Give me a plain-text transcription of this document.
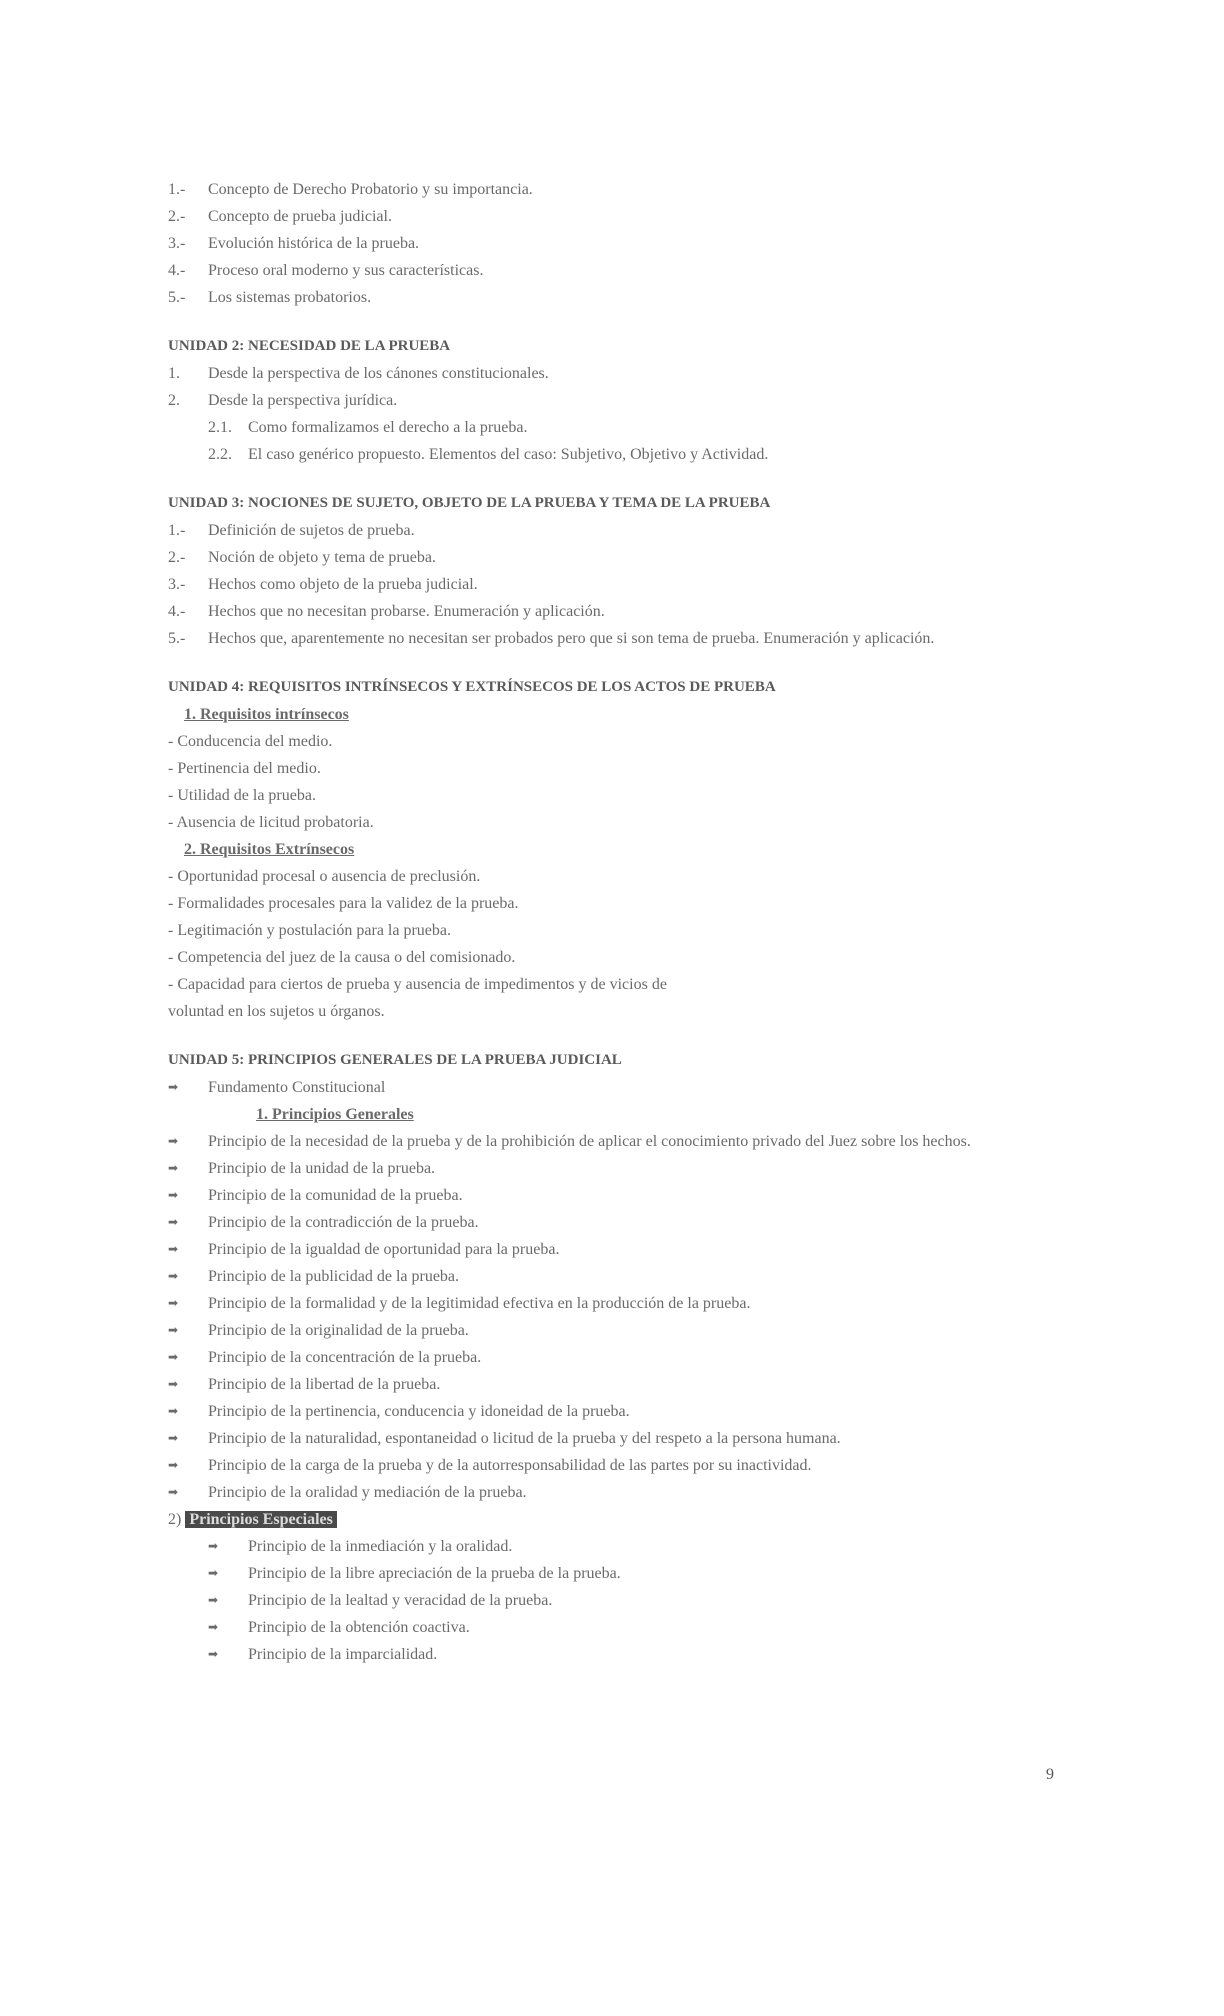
1.-	Concepto de Derecho Probatorio y su importancia.
2.-	Concepto de prueba judicial.
3.-	Evolución histórica de la prueba.
4.-	Proceso oral moderno y sus características.
5.-	Los sistemas probatorios.
UNIDAD 2: NECESIDAD DE LA PRUEBA
1.	Desde la perspectiva de los cánones constitucionales.
2.	Desde la perspectiva jurídica.
2.1.	Como formalizamos el derecho a la prueba.
2.2.	El caso genérico propuesto. Elementos del caso: Subjetivo, Objetivo y Actividad.
UNIDAD 3: NOCIONES DE SUJETO, OBJETO DE LA PRUEBA Y TEMA DE LA PRUEBA
1.-	Definición de sujetos de prueba.
2.-	Noción de objeto y tema de prueba.
3.-	Hechos como objeto de la prueba judicial.
4.-	Hechos que no necesitan probarse. Enumeración y aplicación.
5.-	Hechos que, aparentemente no necesitan ser probados pero que si son tema de prueba. Enumeración y aplicación.
UNIDAD 4: REQUISITOS INTRÍNSECOS Y EXTRÍNSECOS DE LOS ACTOS DE PRUEBA
1. Requisitos intrínsecos
- Conducencia del medio.
- Pertinencia del medio.
- Utilidad de la prueba.
- Ausencia de licitud probatoria.
2. Requisitos Extrínsecos
- Oportunidad procesal o ausencia de preclusión.
- Formalidades procesales para la validez de la prueba.
- Legitimación y postulación para la prueba.
- Competencia del juez de la causa o del comisionado.
- Capacidad para ciertos de prueba y ausencia de impedimentos y de vicios de
voluntad en los sujetos u órganos.
UNIDAD 5: PRINCIPIOS GENERALES DE LA PRUEBA JUDICIAL
➡	Fundamento Constitucional
1. Principios Generales
➡	Principio de la necesidad de la prueba y de la prohibición de aplicar el conocimiento privado del Juez sobre los hechos.
➡	Principio de la unidad de la prueba.
➡	Principio de la comunidad de la prueba.
➡	Principio de la contradicción de la prueba.
➡	Principio de la igualdad de oportunidad para la prueba.
➡	Principio de la publicidad de la prueba.
➡	Principio de la formalidad y de la legitimidad efectiva en la producción de la prueba.
➡	Principio de la originalidad de la prueba.
➡	Principio de la concentración de la prueba.
➡	Principio de la libertad de la prueba.
➡	Principio de la pertinencia, conducencia y idoneidad de la prueba.
➡	Principio de la naturalidad, espontaneidad o licitud de la prueba y del respeto a la persona humana.
➡	Principio de la carga de la prueba y de la autorresponsabilidad de las partes por su inactividad.
➡	Principio de la oralidad y mediación de la prueba.
2) Principios Especiales
➡	Principio de la inmediación y la oralidad.
➡	Principio de la libre apreciación de la prueba de la prueba.
➡	Principio de la lealtad y veracidad de la prueba.
➡	Principio de la obtención coactiva.
➡	Principio de la imparcialidad.
9
